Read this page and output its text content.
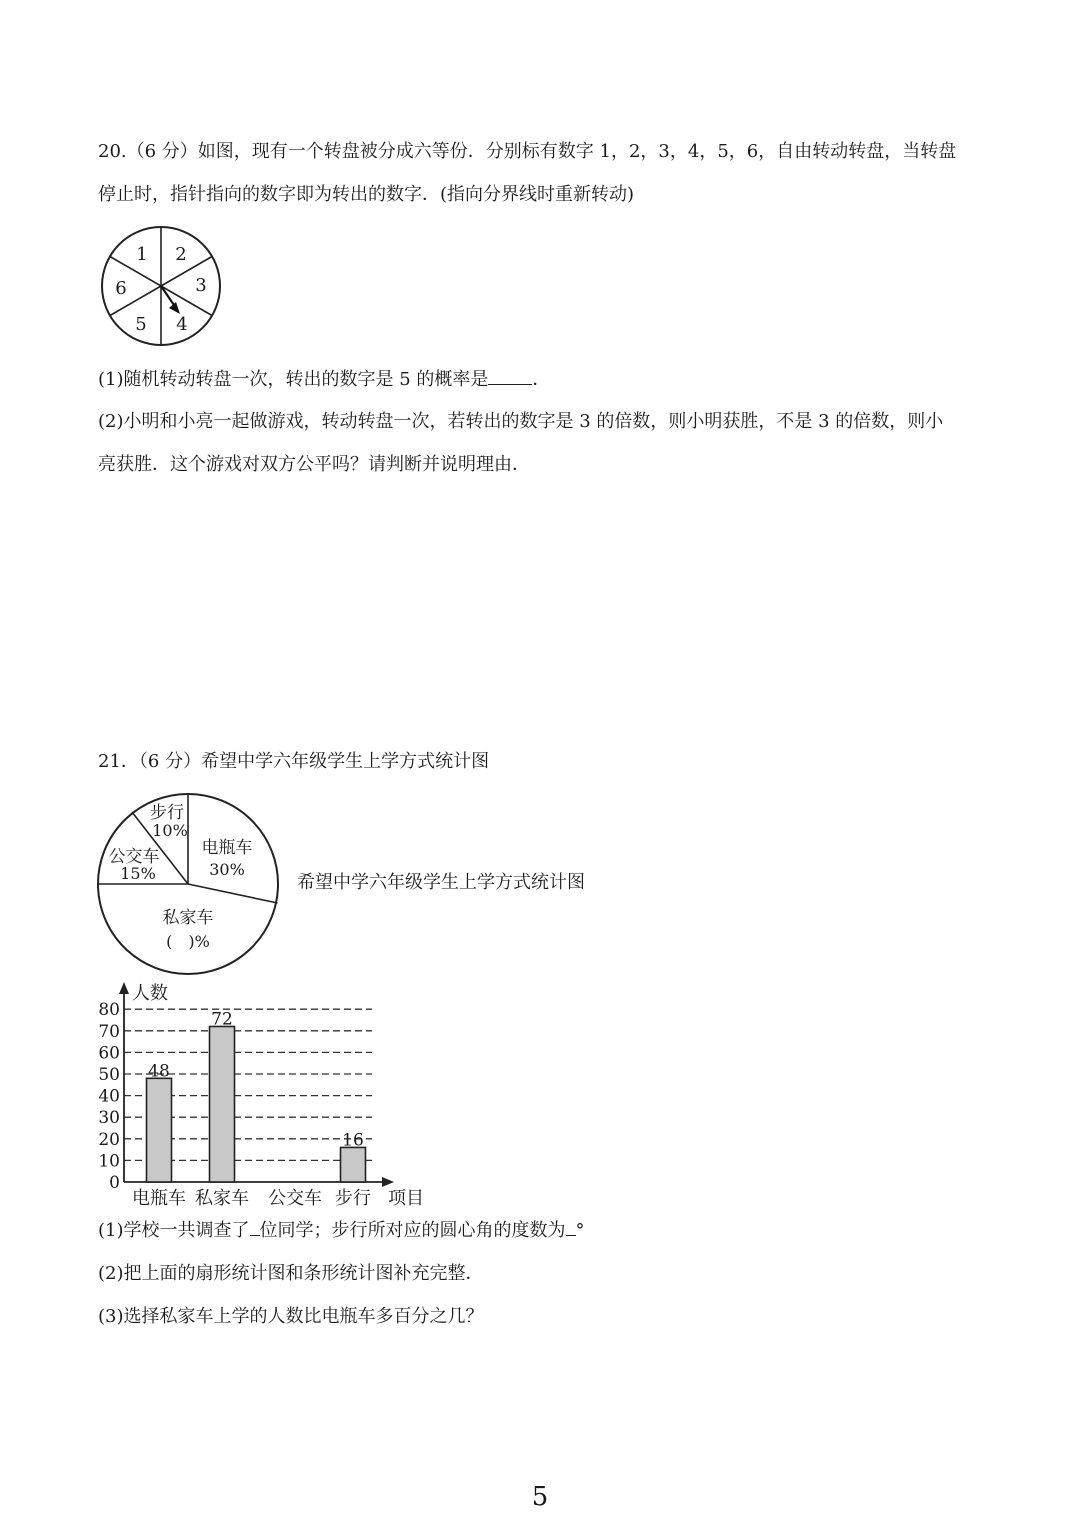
20.（6 分）如图，现有一个转盘被分成六等份．分别标有数字 1，2，3，4，5，6，自由转动转盘，当转盘
停止时，指针指向的数字即为转出的数字．(指向分界线时重新转动)
1 2
3
4
5
6
(1)随机转动转盘一次，转出的数字是 5 的概率是 ．
(2)小明和小亮一起做游戏，转动转盘一次，若转出的数字是 3 的倍数，则小明获胜，不是 3 的倍数，则小
亮获胜．这个游戏对双方公平吗？请判断并说明理由．
21．（6 分）希望中学六年级学生上学方式统计图
步行
10%
电瓶车
30%
公交车
15%
私家车
(　)%
希望中学六年级学生上学方式统计图
0
10
20
30
40
50
60
70
80
人数
项目
48
电瓶车
72
私家车 公交车
16
步行
(1)学校一共调查了 位同学；步行所对应的圆心角的度数为 °
(2)把上面的扇形统计图和条形统计图补充完整．
(3)选择私家车上学的人数比电瓶车多百分之几？
5
